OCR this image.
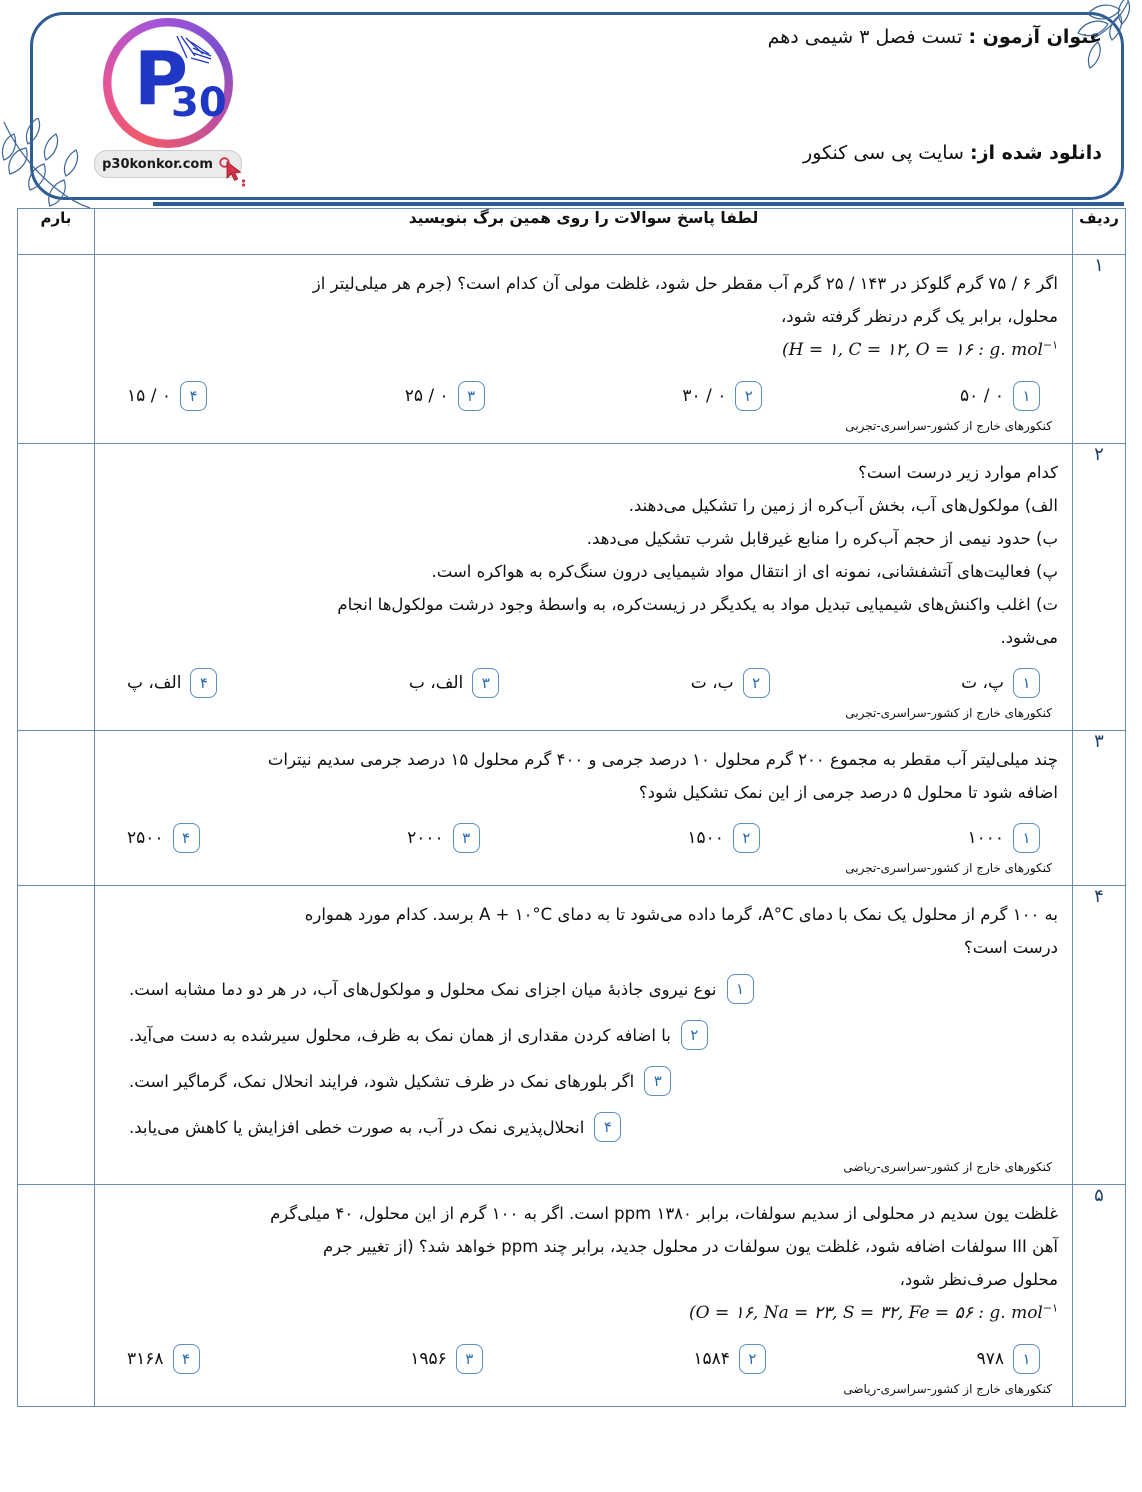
P
30
p30konkor.com
عنوان آزمون : تست فصل ۳ شیمی دهم
دانلود شده از: سایت پی سی کنکور
ردیف	لطفا پاسخ سوالات را روی همین برگ بنویسید	بارم
۱	
اگر ۶ / ۷۵ گرم گلوکز در ۱۴۳ / ۲۵ گرم آب مقطر حل شود، غلظت مولی آن کدام است؟ (جرم هر میلی‌لیتر از
محلول، برابر یک گرم درنظر گرفته شود،
(H = ۱, C = ۱۲, O = ۱۶ : g. mol$^{-۱}$
۱
۰ / ۵۰
۲
۰ / ۳۰
۳
۰ / ۲۵
۴
۰ / ۱۵
کنکورهای خارج از کشور-سراسری-تجربی

۲	
کدام موارد زیر درست است؟
الف) مولکول‌های آب، بخش آب‌کره از زمین را تشکیل می‌دهند.
ب) حدود نیمی از حجم آب‌کره را منابع غیرقابل شرب تشکیل می‌دهد.
پ) فعالیت‌های آتشفشانی، نمونه ای از انتقال مواد شیمیایی درون سنگ‌کره به هواکره است.
ت) اغلب واکنش‌های شیمیایی تبدیل مواد به یکدیگر در زیست‌کره، به واسطهٔ وجود درشت مولکول‌ها انجام
می‌شود.
۱
پ، ت
۲
ب، ت
۳
الف، ب
۴
الف، پ
کنکورهای خارج از کشور-سراسری-تجربی

۳	
چند میلی‌لیتر آب مقطر به مجموع ۲۰۰ گرم محلول ۱۰ درصد جرمی و ۴۰۰ گرم محلول ۱۵ درصد جرمی سدیم نیترات
اضافه شود تا محلول ۵ درصد جرمی از این نمک تشکیل شود؟
۱
۱۰۰۰
۲
۱۵۰۰
۳
۲۰۰۰
۴
۲۵۰۰
کنکورهای خارج از کشور-سراسری-تجربی

۴	
به ۱۰۰ گرم از محلول یک نمک با دمای A°C، گرما داده می‌شود تا به دمای A + ۱۰°C برسد. کدام مورد همواره
درست است؟
۱
نوع نیروی جاذبهٔ میان اجزای نمک محلول و مولکول‌های آب، در هر دو دما مشابه است.
۲
با اضافه کردن مقداری از همان نمک به ظرف، محلول سیرشده به دست می‌آید.
۳
اگر بلورهای نمک در ظرف تشکیل شود، فرایند انحلال نمک، گرماگیر است.
۴
انحلال‌پذیری نمک در آب، به صورت خطی افزایش یا کاهش می‌یابد.
کنکورهای خارج از کشور-سراسری-ریاضی

۵	
غلظت یون سدیم در محلولی از سدیم سولفات، برابر ۱۳۸۰ ppm است. اگر به ۱۰۰ گرم از این محلول، ۴۰ میلی‌گرم
آهن III سولفات اضافه شود، غلظت یون سولفات در محلول جدید، برابر چند ppm خواهد شد؟ (از تغییر جرم
محلول صرف‌نظر شود،
(O = ۱۶, Na = ۲۳, S = ۳۲, Fe = ۵۶ : g. mol$^{-۱}$
۱
۹۷۸
۲
۱۵۸۴
۳
۱۹۵۶
۴
۳۱۶۸
کنکورهای خارج از کشور-سراسری-ریاضی
